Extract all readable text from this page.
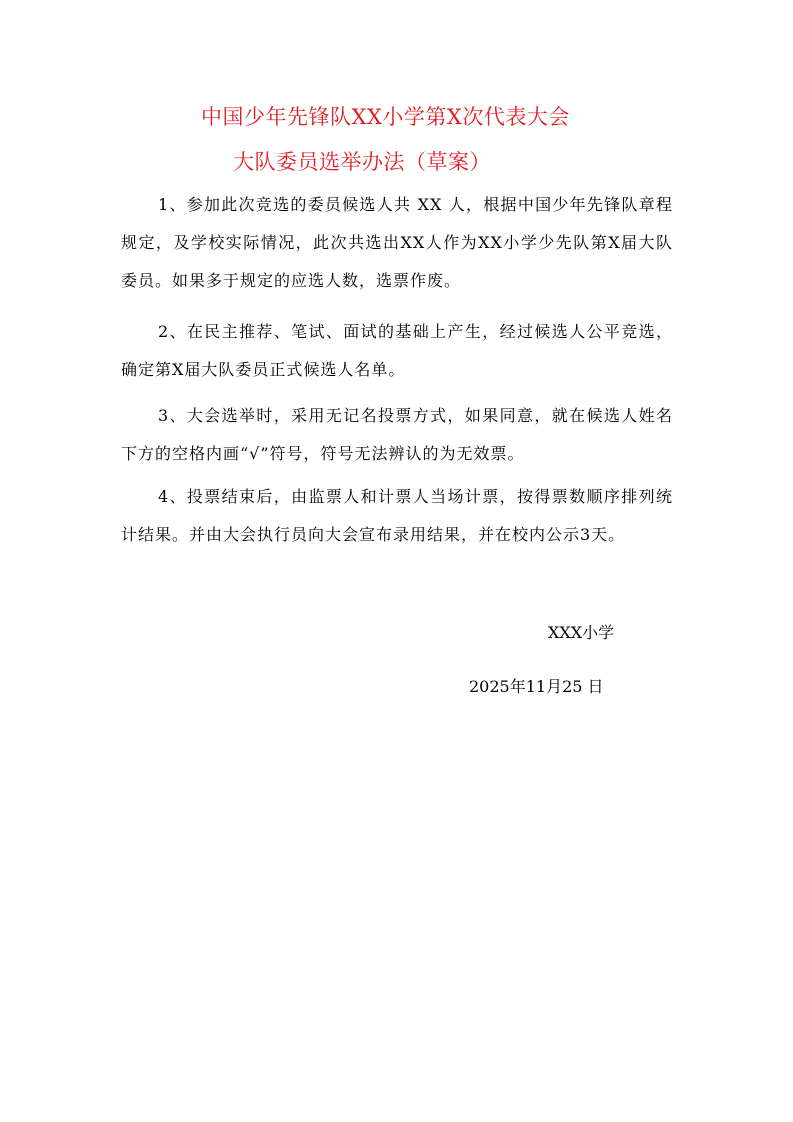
中国少年先锋队XX小学第X次代表大会
大队委员选举办法（草案）

1、参加此次竞选的委员候选人共 XX 人，根据中国少年先锋队章程规定，及学校实际情况，此次共选出XX人作为XX小学少先队第X届大队委员。如果多于规定的应选人数，选票作废。

2、在民主推荐、笔试、面试的基础上产生，经过候选人公平竞选，确定第X届大队委员正式候选人名单。

3、大会选举时，采用无记名投票方式，如果同意，就在候选人姓名下方的空格内画“√”符号，符号无法辨认的为无效票。

4、投票结束后，由监票人和计票人当场计票，按得票数顺序排列统计结果。并由大会执行员向大会宣布录用结果，并在校内公示3天。

XXX小学

2025年11月25 日
